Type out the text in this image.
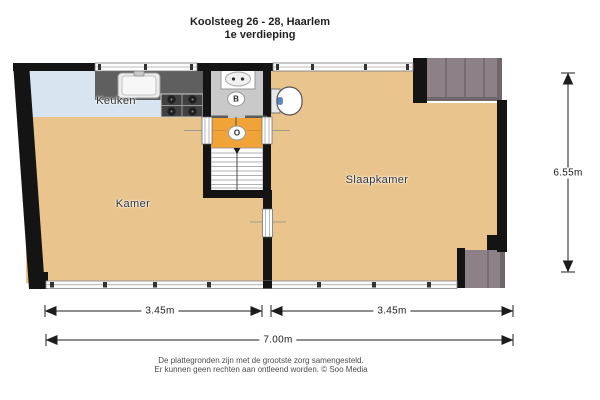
Koolsteeg 26 - 28, Haarlem
1e verdieping
Keuken
Kamer
Slaapkamer
B
O
3.45m	3.45m
7.00m
6.55m
De plattegronden zijn met de grootste zorg samengesteld.
Er kunnen geen rechten aan ontleend worden. © Soo Media
